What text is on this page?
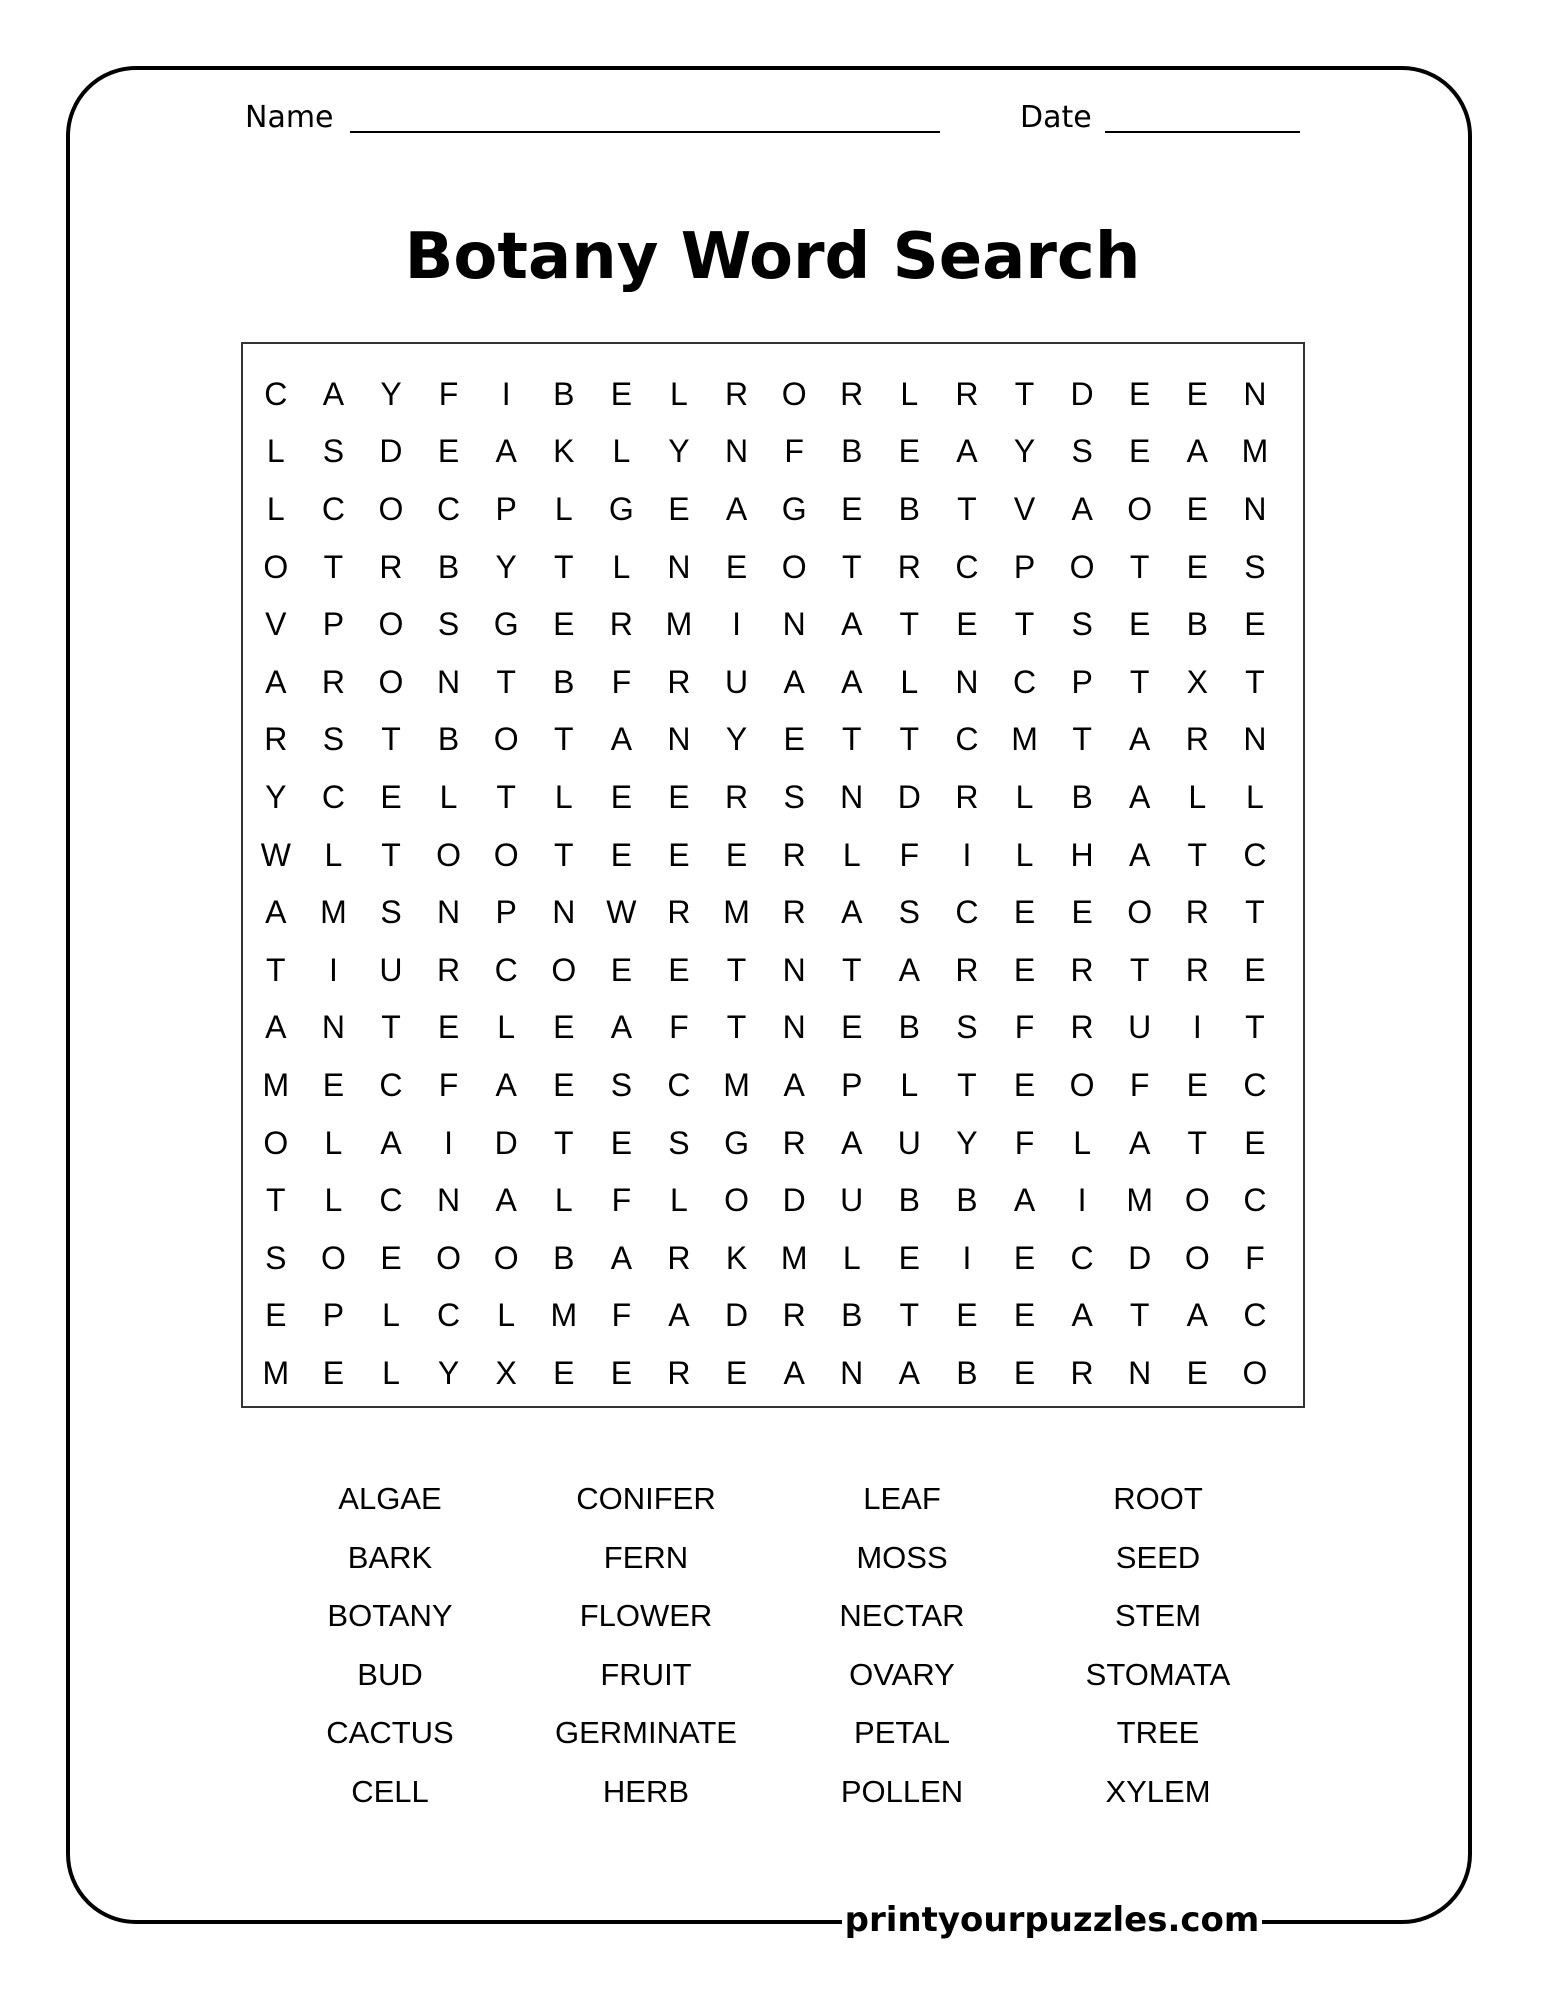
Name	Date
Botany Word Search
C	A	Y	F	I	B	E	L	R	O	R	L	R	T	D	E	E	N
L	S	D	E	A	K	L	Y	N	F	B	E	A	Y	S	E	A	M
L	C	O	C	P	L	G	E	A	G	E	B	T	V	A	O	E	N
O	T	R	B	Y	T	L	N	E	O	T	R	C	P	O	T	E	S
V	P	O	S	G	E	R	M	I	N	A	T	E	T	S	E	B	E
A	R	O	N	T	B	F	R	U	A	A	L	N	C	P	T	X	T
R	S	T	B	O	T	A	N	Y	E	T	T	C	M	T	A	R	N
Y	C	E	L	T	L	E	E	R	S	N	D	R	L	B	A	L	L
W	L	T	O	O	T	E	E	E	R	L	F	I	L	H	A	T	C
A	M	S	N	P	N W R	M	R	A	S	C	E	E	O	R	T
T	I	U	R	C	O	E	E	T	N	T	A	R	E	R	T	R	E
A	N	T	E	L	E	A	F	T	N	E	B	S	F	R	U	I	T
M	E	C	F	A	E	S	C	M	A	P	L	T	E	O	F	E	C
O	L	A	I	D	T	E	S	G	R	A	U	Y	F	L	A	T	E
T	L	C	N	A	L	F	L	O	D	U	B	B	A	I	M O	C
S	O	E	O	O	B	A	R	K	M	L	E	I	E	C	D	O	F
E	P	L	C	L	M	F	A	D	R	B	T	E	E	A	T	A	C
M	E	L	Y	X	E	E	R	E	A	N	A	B	E	R	N	E	O
ALGAE	CONIFER	LEAF	ROOT
BARK	FERN	MOSS	SEED
BOTANY	FLOWER	NECTAR	STEM
BUD	FRUIT	OVARY	STOMATA
CACTUS	GERMINATE	PETAL	TREE
CELL	HERB	POLLEN	XYLEM
printyourpuzzles.com
